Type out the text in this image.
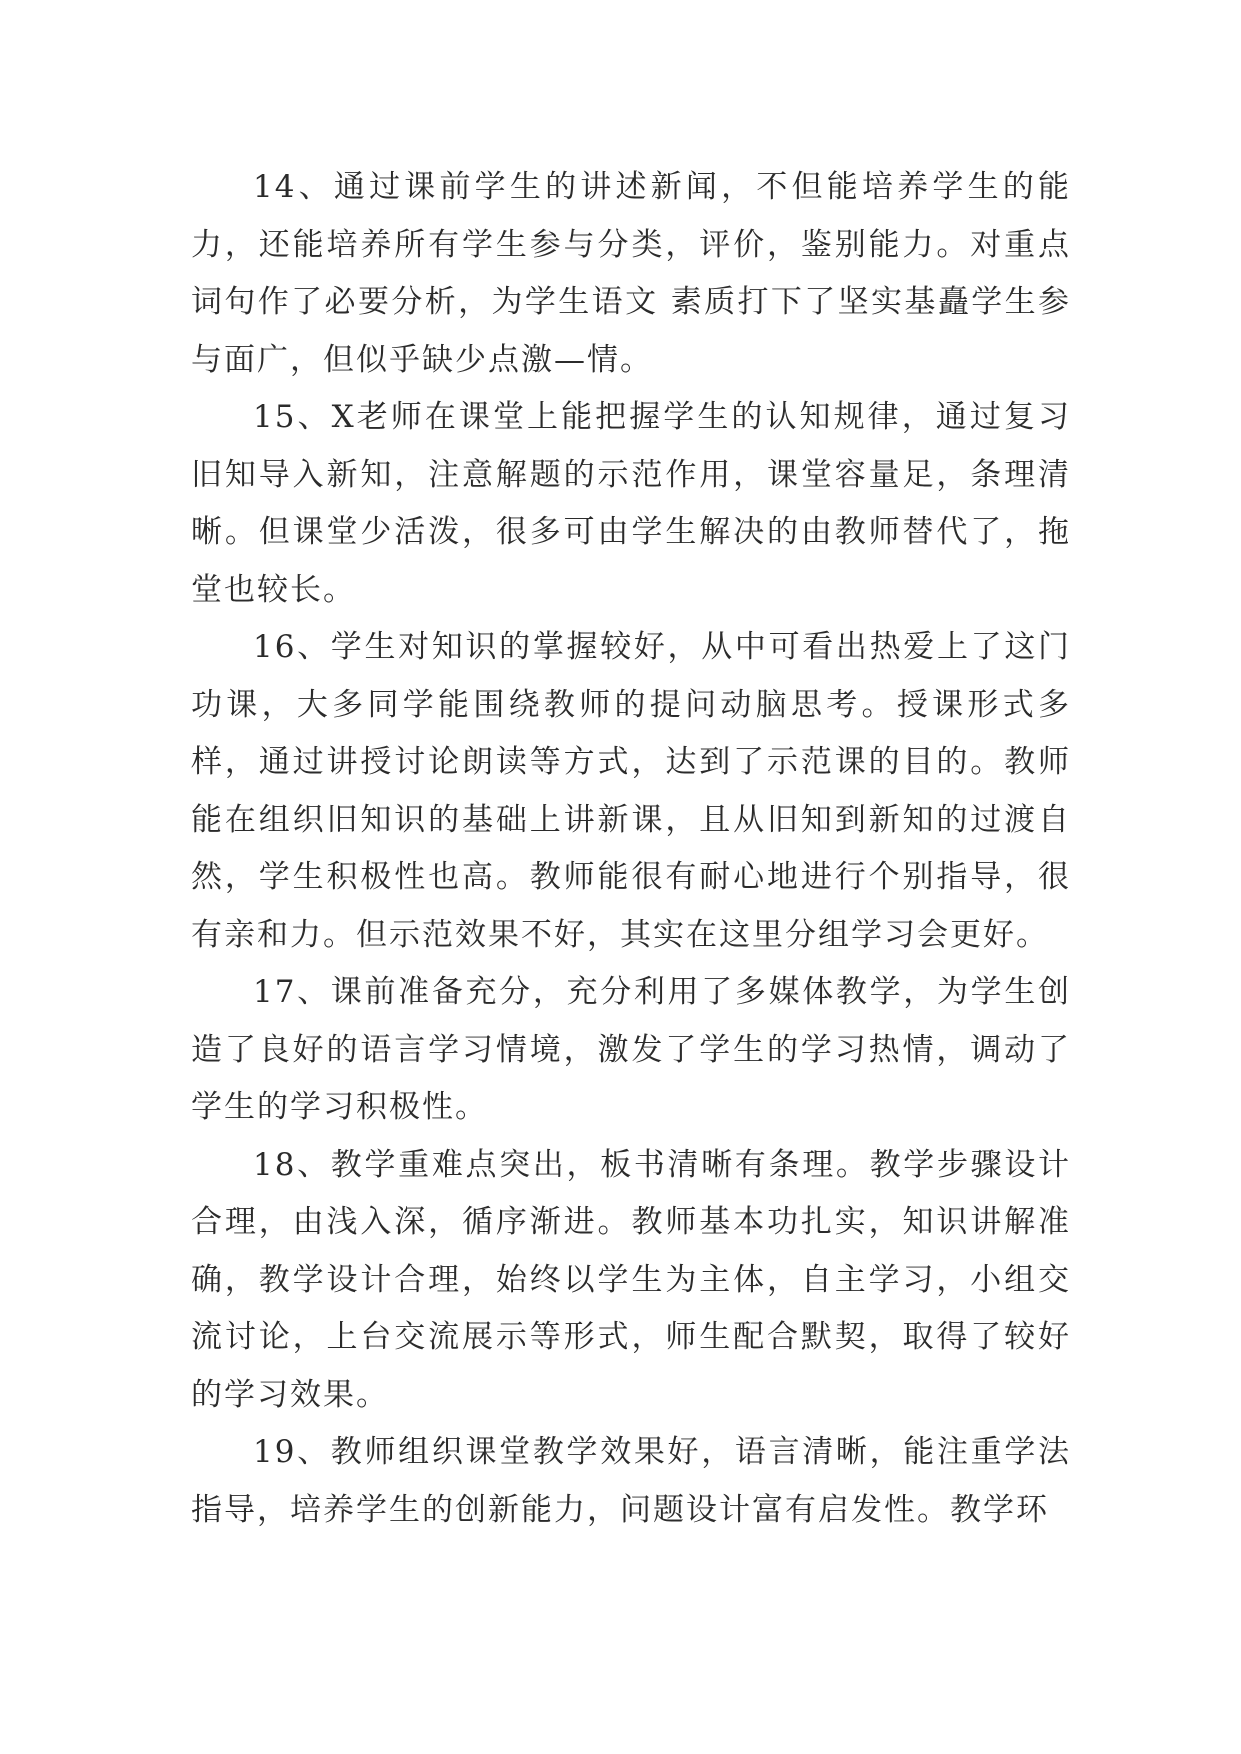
14、通过课前学生的讲述新闻，不但能培养学生的能力，还能培养所有学生参与分类，评价，鉴别能力。对重点词句作了必要分析，为学生语文 素质打下了坚实基矗学生参与面广，但似乎缺少点激—情。

15、X老师在课堂上能把握学生的认知规律，通过复习旧知导入新知，注意解题的示范作用，课堂容量足，条理清晰。但课堂少活泼，很多可由学生解决的由教师替代了，拖堂也较长。

16、学生对知识的掌握较好，从中可看出热爱上了这门功课，大多同学能围绕教师的提问动脑思考。授课形式多样，通过讲授讨论朗读等方式，达到了示范课的目的。教师能在组织旧知识的基础上讲新课，且从旧知到新知的过渡自然，学生积极性也高。教师能很有耐心地进行个别指导，很有亲和力。但示范效果不好，其实在这里分组学习会更好。

17、课前准备充分，充分利用了多媒体教学，为学生创造了良好的语言学习情境，激发了学生的学习热情，调动了学生的学习积极性。

18、教学重难点突出，板书清晰有条理。教学步骤设计合理，由浅入深，循序渐进。教师基本功扎实，知识讲解准确，教学设计合理，始终以学生为主体，自主学习，小组交流讨论，上台交流展示等形式，师生配合默契，取得了较好的学习效果。

19、教师组织课堂教学效果好，语言清晰，能注重学法指导，培养学生的创新能力，问题设计富有启发性。教学环
